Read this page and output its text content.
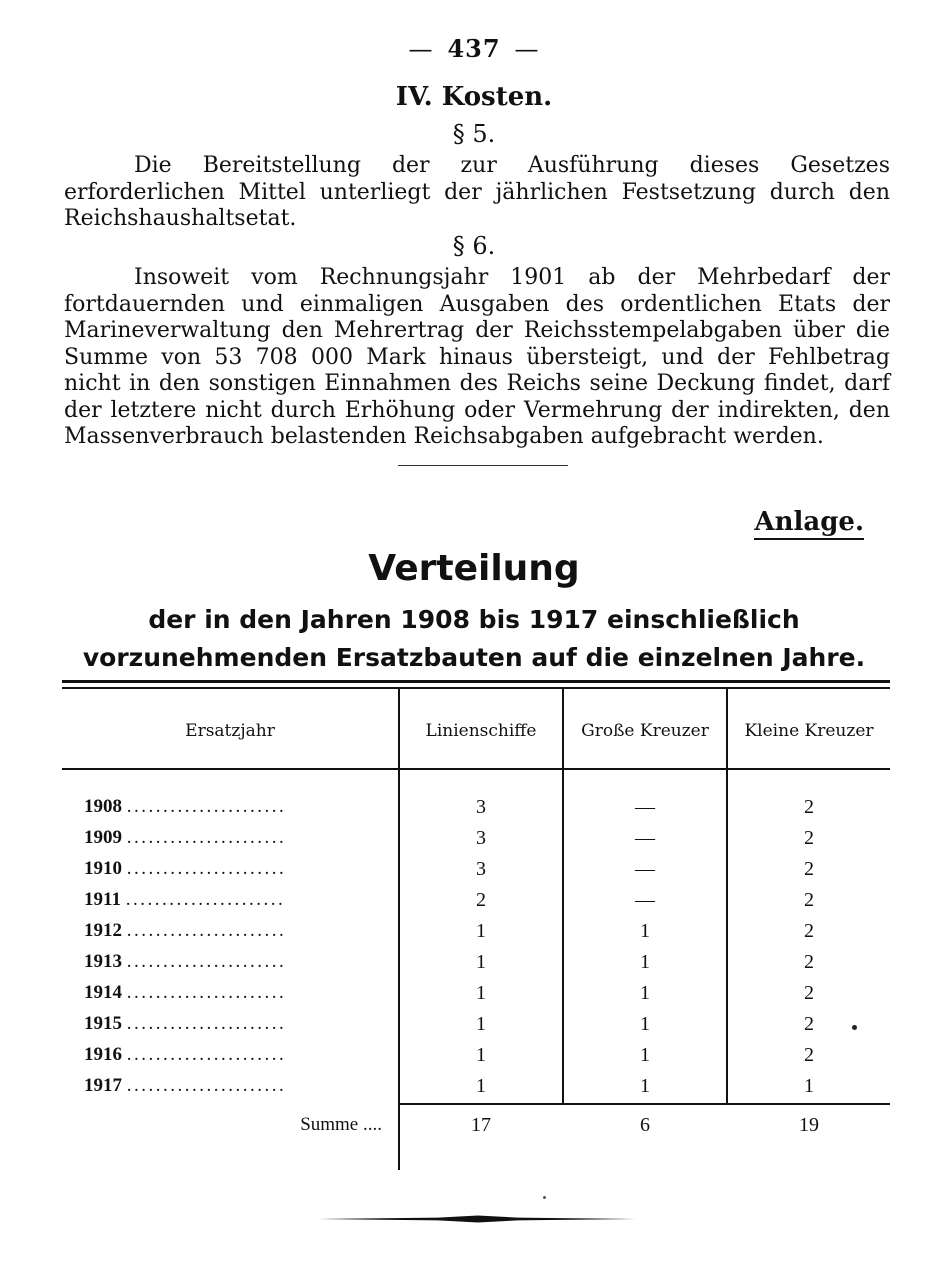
— 437 —
IV. Kosten.
§ 5.
Die Bereitstellung der zur Ausführung dieses Gesetzes erforderlichen Mittel unterliegt der jährlichen Festsetzung durch den Reichshaushaltsetat.
§ 6.
Insoweit vom Rechnungsjahr 1901 ab der Mehrbedarf der fortdauernden und einmaligen Ausgaben des ordentlichen Etats der Marineverwaltung den Mehrertrag der Reichsstempelabgaben über die Summe von 53 708 000 Mark hinaus übersteigt, und der Fehlbetrag nicht in den sonstigen Einnahmen des Reichs seine Deckung findet, darf der letztere nicht durch Erhöhung oder Vermehrung der indirekten, den Massenverbrauch belastenden Reichsabgaben aufgebracht werden.
Anlage.
Verteilung
der in den Jahren 1908 bis 1917 einschließlich vorzunehmenden Ersatzbauten auf die einzelnen Jahre.
Ersatzjahr	Linienschiffe	Große Kreuzer	Kleine Kreuzer
1908 ......................	3	—	2
1909 ......................	3	—	2
1910 ......................	3	—	2
1911 ......................	2	—	2
1912 ......................	1	1	2
1913 ......................	1	1	2
1914 ......................	1	1	2
1915 ......................	1	1	2
1916 ......................	1	1	2
1917 ......................	1	1	1
Summe ....	17	6	19
